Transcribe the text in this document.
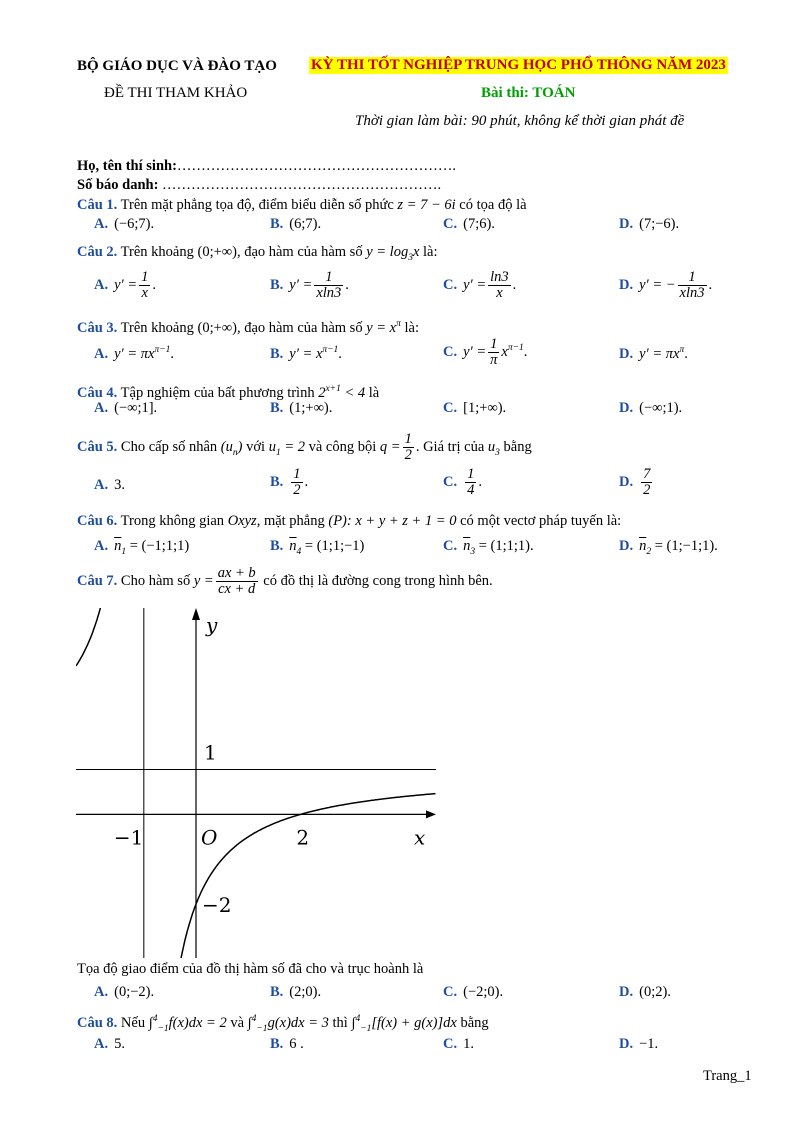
BỘ GIÁO DỤC VÀ ĐÀO TẠO KỲ THI TỐT NGHIỆP TRUNG HỌC PHỔ THÔNG NĂM 2023
ĐỀ THI THAM KHẢO	Bài thi: TOÁN
Thời gian làm bài: 90 phút, không kể thời gian phát đề
Họ, tên thí sinh:………………………………………………….
Số báo danh: ………………………………………………….
Câu 1. Trên mặt phẳng tọa độ, điểm biểu diễn số phức z = 7 − 6i có tọa độ là
A. (−6;7).	B. (6;7).	C. (7;6).	D. (7;−6).
Câu 2. Trên khoảng (0;+∞), đạo hàm của hàm số $y = \log_3x$ là:
A. $y' = \frac{1}{x}$ .	B. $y' = \frac{1}{xln3}$ .	C. $y' = \frac{\ln 3}{x}$ .	D. y′ = − $\frac{1}{xln3}$ .
Câu 3. Trên khoảng (0;+∞), đạo hàm của hàm số $y = x^\pi$ là:
A. $y' = \pi x^{\pi-1}$.	B. $y' = x^{\pi-1}$.	C. $y' = \frac{1}{\pi} x^{\pi-1}$.	D. $y' = \pi x^\pi$.
Câu 4. Tập nghiệm của bất phương trình $2^{x+1} < 4$ là
A. (−∞;1].	B. (1;+∞).	C. [1;+∞).	D. (−∞;1).
Câu 5. Cho cấp số nhân $(u_n)$ với $u_1 = 2$ và công bội $q = \frac{1}{2}$ . Giá trị của $u_3$ bằng
A. 3.	B. $\frac{1}{2}$ .	C. $\frac{1}{4}$ .	D. $\frac{7}{2}$
Câu 6. Trong không gian Oxyz, mặt phẳng (P): x + y + z + 1 = 0 có một vectơ pháp tuyến là:
A. $\overline{n}_1$ = (−1;1;1)	B. $\overline{n}_4$ = (1;1;−1)	C. $\overline{n}_3$ = (1;1;1).	D. $\overline{n}_2$ = (1;−1;1).
Câu 7. Cho hàm số $y = \frac{ax + b}{cx + d}$ có đồ thị là đường cong trong hình bên.
y
x
O
−1	2
1
−2
Tọa độ giao điểm của đồ thị hàm số đã cho và trục hoành là
A. (0;−2).	B. (2;0).	C. (−2;0).	D. (0;2).
Câu 8. Nếu ∫$^4_{-1}$f(x)dx = 2 và ∫$^4_{-1}$g(x)dx = 3 thì ∫$^4_{-1}$[f(x) + g(x)]dx bằng
A. 5.	B. 6 .	C. 1.	D. −1.
Trang_1
